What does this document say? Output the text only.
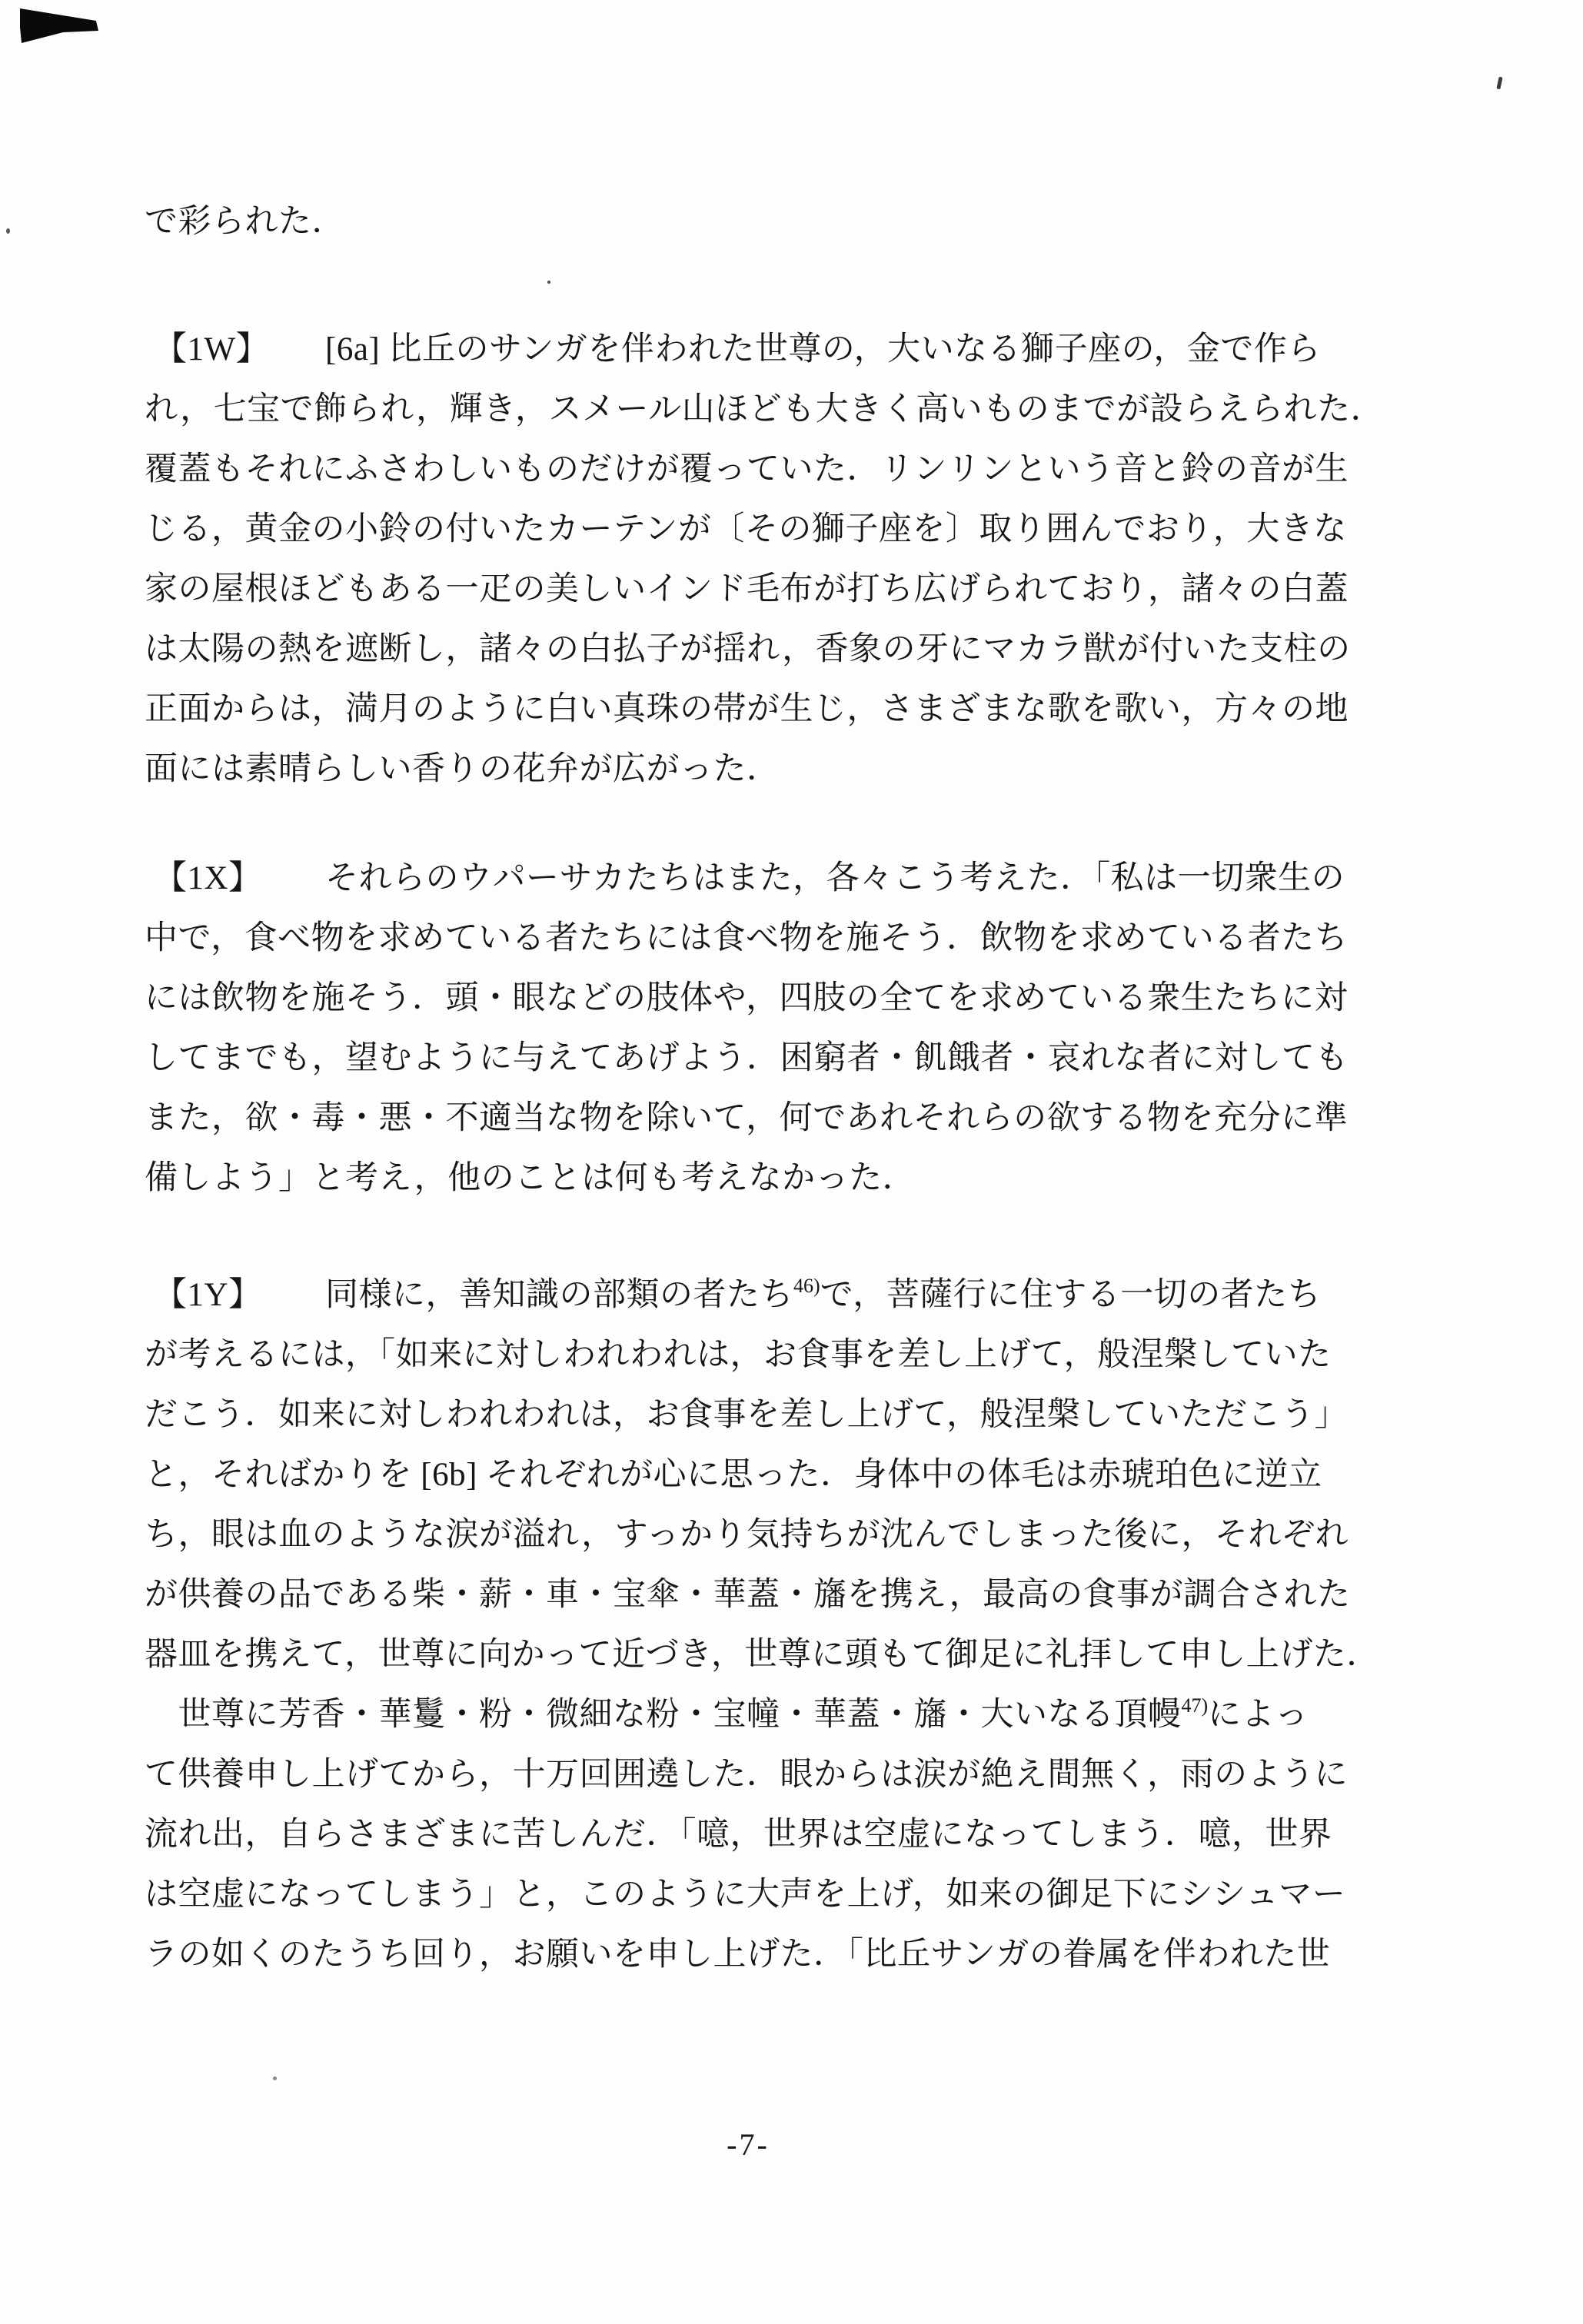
で彩られた．
【1W】 [6a] 比丘のサンガを伴われた世尊の，大いなる獅子座の，金で作ら
れ，七宝で飾られ，輝き，スメール山ほども大きく高いものまでが設らえられた．
覆蓋もそれにふさわしいものだけが覆っていた．リンリンという音と鈴の音が生
じる，黄金の小鈴の付いたカーテンが〔その獅子座を〕取り囲んでおり，大きな
家の屋根ほどもある一疋の美しいインド毛布が打ち広げられており，諸々の白蓋
は太陽の熱を遮断し，諸々の白払子が揺れ，香象の牙にマカラ獣が付いた支柱の
正面からは，満月のように白い真珠の帯が生じ，さまざまな歌を歌い，方々の地
面には素晴らしい香りの花弁が広がった．
【1X】 それらのウパーサカたちはまた，各々こう考えた．「私は一切衆生の
中で，食べ物を求めている者たちには食べ物を施そう．飲物を求めている者たち
には飲物を施そう．頭・眼などの肢体や，四肢の全てを求めている衆生たちに対
してまでも，望むように与えてあげよう．困窮者・飢餓者・哀れな者に対しても
また，欲・毒・悪・不適当な物を除いて，何であれそれらの欲する物を充分に準
備しよう」と考え，他のことは何も考えなかった．
【1Y】 同様に，善知識の部類の者たち$^{46)}$で，菩薩行に住する一切の者たち
が考えるには，「如来に対しわれわれは，お食事を差し上げて，般涅槃していた
だこう．如来に対しわれわれは，お食事を差し上げて，般涅槃していただこう」
と，そればかりを [6b] それぞれが心に思った．身体中の体毛は赤琥珀色に逆立
ち，眼は血のような涙が溢れ，すっかり気持ちが沈んでしまった後に，それぞれ
が供養の品である柴・薪・車・宝傘・華蓋・旛を携え，最高の食事が調合された
器皿を携えて，世尊に向かって近づき，世尊に頭もて御足に礼拝して申し上げた．
　世尊に芳香・華鬘・粉・微細な粉・宝幢・華蓋・旛・大いなる頂幔$^{47)}$によっ
て供養申し上げてから，十万回囲遶した．眼からは涙が絶え間無く，雨のように
流れ出，自らさまざまに苦しんだ．「噫，世界は空虚になってしまう．噫，世界
は空虚になってしまう」と，このように大声を上げ，如来の御足下にシシュマー
ラの如くのたうち回り，お願いを申し上げた．「比丘サンガの眷属を伴われた世
-7-
